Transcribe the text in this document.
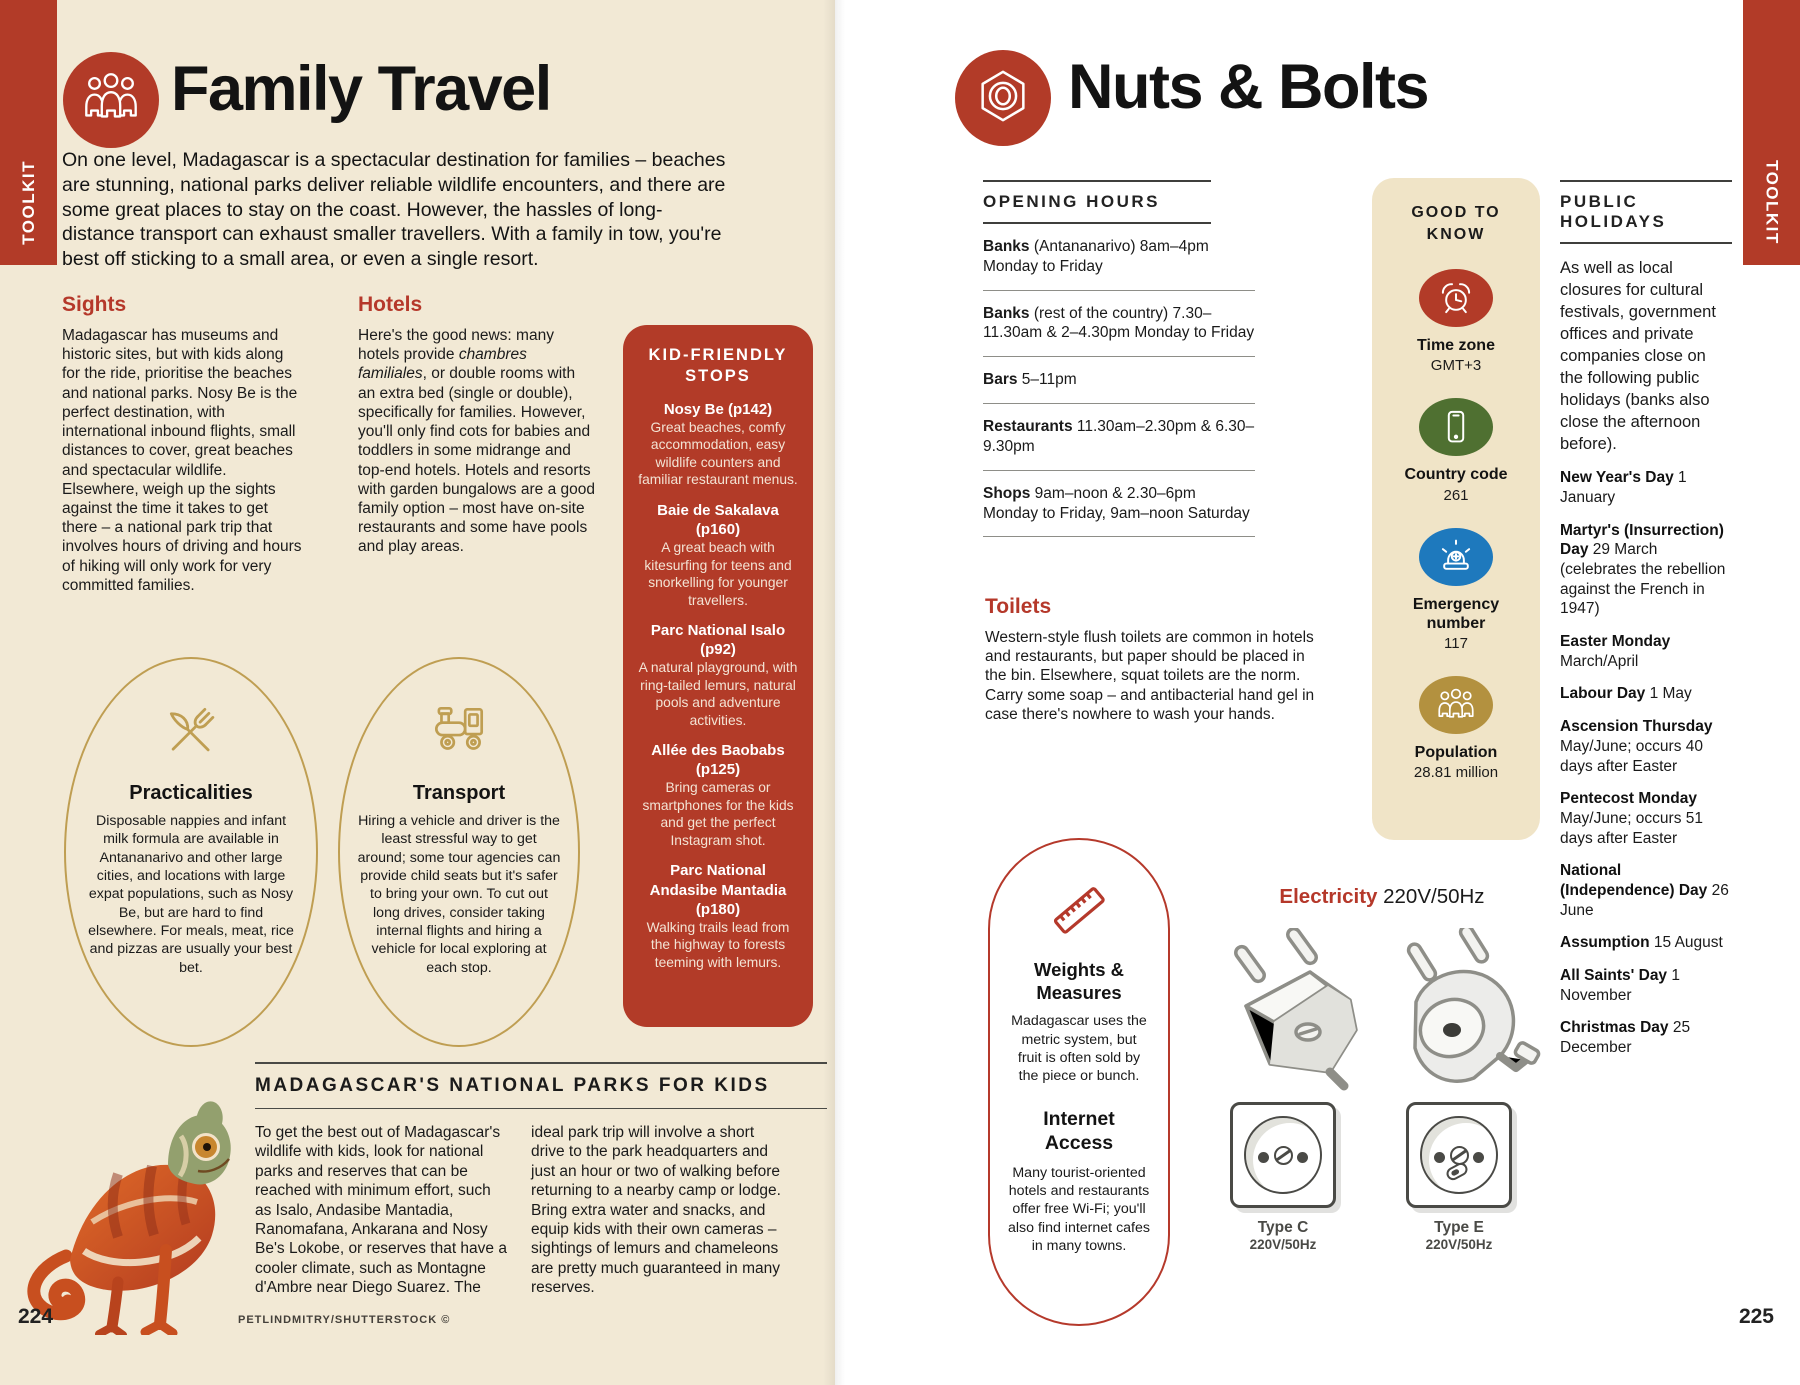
Family Travel

On one level, Madagascar is a spectacular destination for families – beaches are stunning, national parks deliver reliable wildlife encounters, and there are some great places to stay on the coast. However, the hassles of long-distance transport can exhaust smaller travellers. With a family in tow, you're best off sticking to a small area, or even a single resort.

Sights

Madagascar has museums and historic sites, but with kids along for the ride, prioritise the beaches and national parks. Nosy Be is the perfect destination, with international inbound flights, small distances to cover, great beaches and spectacular wildlife. Elsewhere, weigh up the sights against the time it takes to get there – a national park trip that involves hours of driving and hours of hiking will only work for very committed families.

Hotels

Here's the good news: many hotels provide chambres familiales, or double rooms with an extra bed (single or double), specifically for families. However, you'll only find cots for babies and toddlers in some midrange and top-end hotels. Hotels and resorts with garden bungalows are a good family option – most have on-site restaurants and some have pools and play areas.

KID-FRIENDLY STOPS
Nosy Be (p142)
Great beaches, comfy accommodation, easy wildlife counters and familiar restaurant menus.
Baie de Sakalava (p160)
A great beach with kitesurfing for teens and snorkelling for younger travellers.
Parc National Isalo (p92)
A natural playground, with ring-tailed lemurs, natural pools and adventure activities.
Allée des Baobabs (p125)
Bring cameras or smartphones for the kids and get the perfect Instagram shot.
Parc National Andasibe Mantadia (p180)
Walking trails lead from the highway to forests teeming with lemurs.
Practicalities

Disposable nappies and infant milk formula are available in Antananarivo and other large cities, and locations with large expat populations, such as Nosy Be, but are hard to find elsewhere. For meals, meat, rice and pizzas are usually your best bet.

Transport

Hiring a vehicle and driver is the least stressful way to get around; some tour agencies can provide child seats but it's safer to bring your own. To cut out long drives, consider taking internal flights and hiring a vehicle for local exploring at each stop.

MADAGASCAR'S NATIONAL PARKS FOR KIDS

To get the best out of Madagascar's wildlife with kids, look for national parks and reserves that can be reached with minimum effort, such as Isalo, Andasibe Mantadia, Ranomafana, Ankarana and Nosy Be's Lokobe, or reserves that have a cooler climate, such as Montagne d'Ambre near Diego Suarez. The

ideal park trip will involve a short drive to the park headquarters and just an hour or two of walking before returning to a nearby camp or lodge. Bring extra water and snacks, and equip kids with their own cameras – sightings of lemurs and chameleons are pretty much guaranteed in many reserves.

224	PETLINDMITRY/SHUTTERSTOCK ©
Nuts & Bolts
OPENING HOURS
Banks (Antananarivo) 8am–4pm Monday to Friday
Banks (rest of the country) 7.30–11.30am & 2–4.30pm Monday to Friday
Bars 5–11pm
Restaurants 11.30am–2.30pm & 6.30–9.30pm
Shops 9am–noon & 2.30–6pm Monday to Friday, 9am–noon Saturday
Toilets

Western-style flush toilets are common in hotels and restaurants, but paper should be placed in the bin. Elsewhere, squat toilets are the norm. Carry some soap – and antibacterial hand gel in case there's nowhere to wash your hands.

GOOD TO KNOW
Time zone
GMT+3
Country code
261
Emergency number
117
Population
28.81 million
PUBLIC HOLIDAYS

As well as local closures for cultural festivals, government offices and private companies close on the following public holidays (banks also close the afternoon before).

New Year's Day 1 January
Martyr's (Insurrection) Day 29 March (celebrates the rebellion against the French in 1947)
Easter Monday March/April
Labour Day 1 May
Ascension Thursday May/June; occurs 40 days after Easter
Pentecost Monday May/June; occurs 51 days after Easter
National (Independence) Day 26 June
Assumption 15 August
All Saints' Day 1 November
Christmas Day 25 December
Weights & Measures

Madagascar uses the metric system, but fruit is often sold by the piece or bunch.

Internet Access

Many tourist-oriented hotels and restaurants offer free Wi-Fi; you'll also find internet cafes in many towns.

Electricity 220V/50Hz
Type C
220V/50Hz
Type E
220V/50Hz
225
TOOLKIT	TOOLKIT
